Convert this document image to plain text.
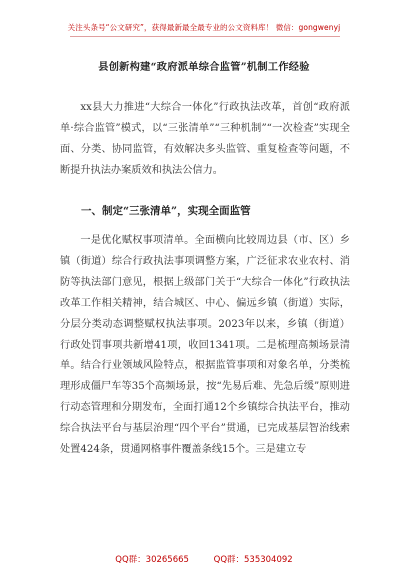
关注头条号“公文研究”，获得最新最全最专业的公文资料库！ 微信：gongwenyj
县创新构建“政府派单综合监管”机制工作经验

xx县大力推进“大综合一体化”行政执法改革，首创“政府派单·综合监管”模式，以“三张清单”“三种机制”“一次检查”实现全面、分类、协同监管，有效解决多头监管、重复检查等问题，不断提升执法办案质效和执法公信力。

一、制定“三张清单”，实现全面监管

一是优化赋权事项清单。全面横向比较周边县（市、区）乡镇（街道）综合行政执法事项调整方案，广泛征求农业农村、消防等执法部门意见，根据上级部门关于“大综合一体化”行政执法改革工作相关精神，结合城区、中心、偏远乡镇（街道）实际，分层分类动态调整赋权执法事项。2023年以来，乡镇（街道）行政处罚事项共新增41项，收回1341项。二是梳理高频场景清单。结合行业领域风险特点，根据监管事项和对象名单，分类梳理形成僵尸车等35个高频场景，按“先易后难、先急后缓”原则进行动态管理和分期发布，全面打通12个乡镇综合执法平台，推动综合执法平台与基层治理“四个平台”贯通，已完成基层智治线索处置424条，贯通网格事件覆盖条线15个。三是建立专

QQ群：30265665	QQ群：535304092
